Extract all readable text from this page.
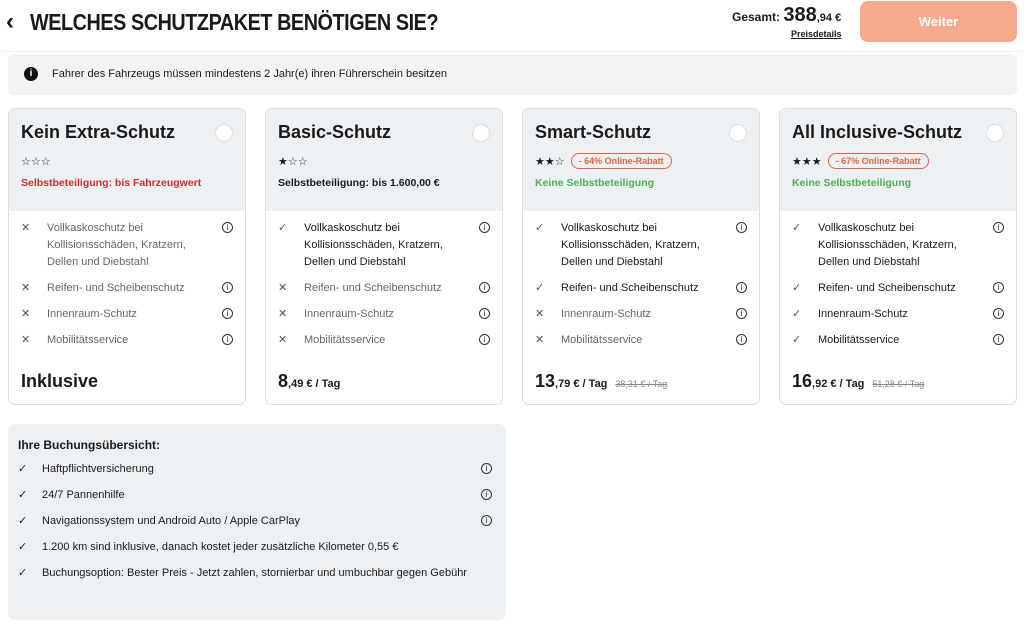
‹ WELCHES SCHUTZPAKET BENÖTIGEN SIE?	Gesamt: 388,94 €
Preisdetails
Weiter
i	Fahrer des Fahrzeugs müssen mindestens 2 Jahr(e) ihren Führerschein besitzen
Kein Extra-Schutz
☆☆☆
Selbstbeteiligung: bis Fahrzeugwert
✕ Vollkaskoschutz bei Kollisionsschäden, Kratzern, Dellen und Diebstahl
i
✕ Reifen- und Scheibenschutz	i
✕ Innenraum-Schutz	i
✕ Mobilitätsservice	i
Inklusive
Basic-Schutz
★☆☆
Selbstbeteiligung: bis 1.600,00 €
✓ Vollkaskoschutz bei Kollisionsschäden, Kratzern, Dellen und Diebstahl
i
✕ Reifen- und Scheibenschutz	i
✕ Innenraum-Schutz	i
✕ Mobilitätsservice	i
8,49 € / Tag
Smart-Schutz
★★☆	- 64% Online-Rabatt
Keine Selbstbeteiligung
✓ Vollkaskoschutz bei Kollisionsschäden, Kratzern, Dellen und Diebstahl
i
✓ Reifen- und Scheibenschutz	i
✕ Innenraum-Schutz	i
✕ Mobilitätsservice	i
13,79 € / Tag 38,31 € / Tag
All Inclusive-Schutz
★★★	- 67% Online-Rabatt
Keine Selbstbeteiligung
✓ Vollkaskoschutz bei Kollisionsschäden, Kratzern, Dellen und Diebstahl
i
✓ Reifen- und Scheibenschutz	i
✓ Innenraum-Schutz	i
✓ Mobilitätsservice	i
16,92 € / Tag 51,28 € / Tag
Ihre Buchungsübersicht:
✓ Haftpflichtversicherung	i
✓ 24/7 Pannenhilfe	i
✓ Navigationssystem und Android Auto / Apple CarPlay	i
✓ 1.200 km sind inklusive, danach kostet jeder zusätzliche Kilometer 0,55 €
✓ Buchungsoption: Bester Preis - Jetzt zahlen, stornierbar und umbuchbar gegen Gebühr
